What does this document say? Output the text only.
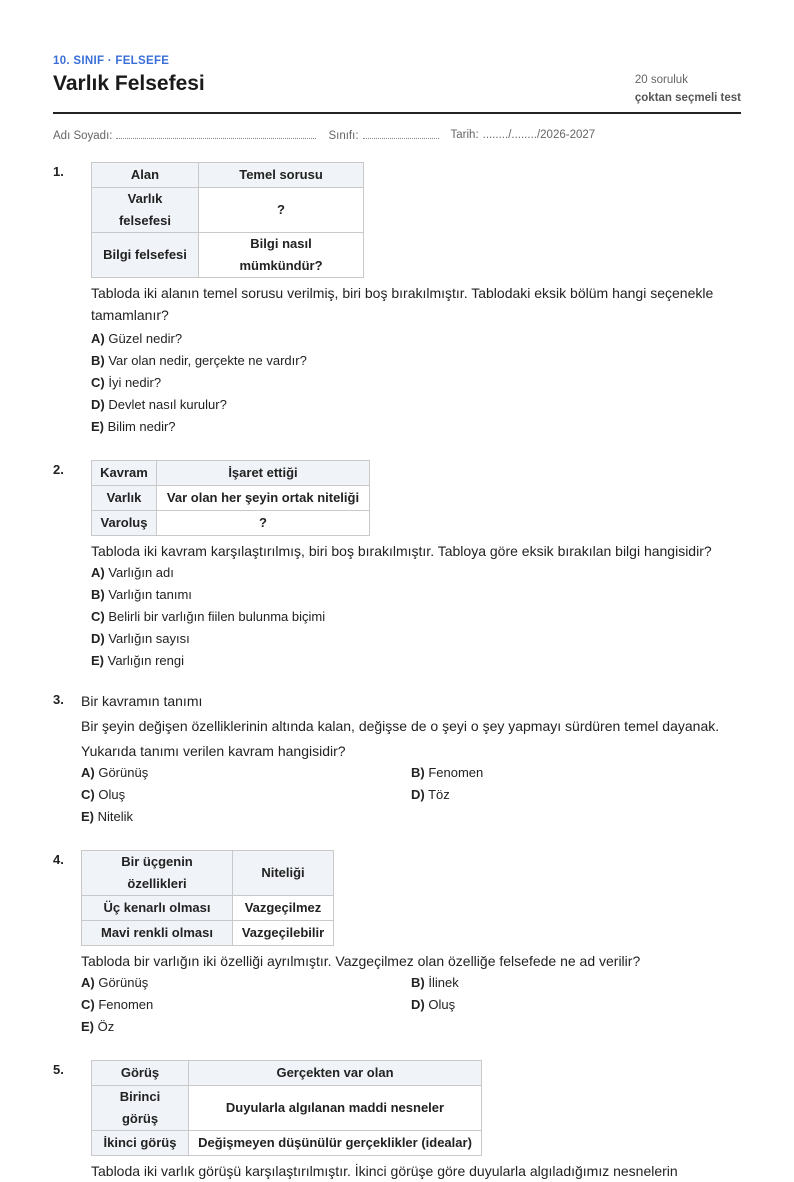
10. SINIF · FELSEFE
Varlık Felsefesi	20 soruluk
çoktan seçmeli test
Adı Soyadı:	Sınıfı:	Tarih: ......../......../2026-2027
1.	Alan	Temel sorusu
Varlık felsefesi	?
Bilgi felsefesi	Bilgi nasıl mümkündür?
Tabloda iki alanın temel sorusu verilmiş, biri boş bırakılmıştır. Tablodaki eksik bölüm hangi seçenekle tamamlanır?
A) Güzel nedir?
B) Var olan nedir, gerçekte ne vardır?
C) İyi nedir?
D) Devlet nasıl kurulur?
E) Bilim nedir?
2.	Kavram	İşaret ettiği
Varlık	Var olan her şeyin ortak niteliği
Varoluş	?
Tabloda iki kavram karşılaştırılmış, biri boş bırakılmıştır. Tabloya göre eksik bırakılan bilgi hangisidir?
A) Varlığın adı
B) Varlığın tanımı
C) Belirli bir varlığın fiilen bulunma biçimi
D) Varlığın sayısı
E) Varlığın rengi
3.	Bir kavramın tanımı
Bir şeyin değişen özelliklerinin altında kalan, değişse de o şeyi o şey yapmayı sürdüren temel dayanak.
Yukarıda tanımı verilen kavram hangisidir?
A) Görünüş	B) Fenomen
C) Oluş	D) Töz
E) Nitelik
4.	Bir üçgenin özellikleri	Niteliği
Üç kenarlı olması	Vazgeçilmez
Mavi renkli olması	Vazgeçilebilir
Tabloda bir varlığın iki özelliği ayrılmıştır. Vazgeçilmez olan özelliğe felsefede ne ad verilir?
A) Görünüş	B) İlinek
C) Fenomen	D) Oluş
E) Öz
5.	Görüş	Gerçekten var olan
Birinci görüş	Duyularla algılanan maddi nesneler
İkinci görüş	Değişmeyen düşünülür gerçeklikler (idealar)
Tabloda iki varlık görüşü karşılaştırılmıştır. İkinci görüşe göre duyularla algıladığımız nesnelerin
